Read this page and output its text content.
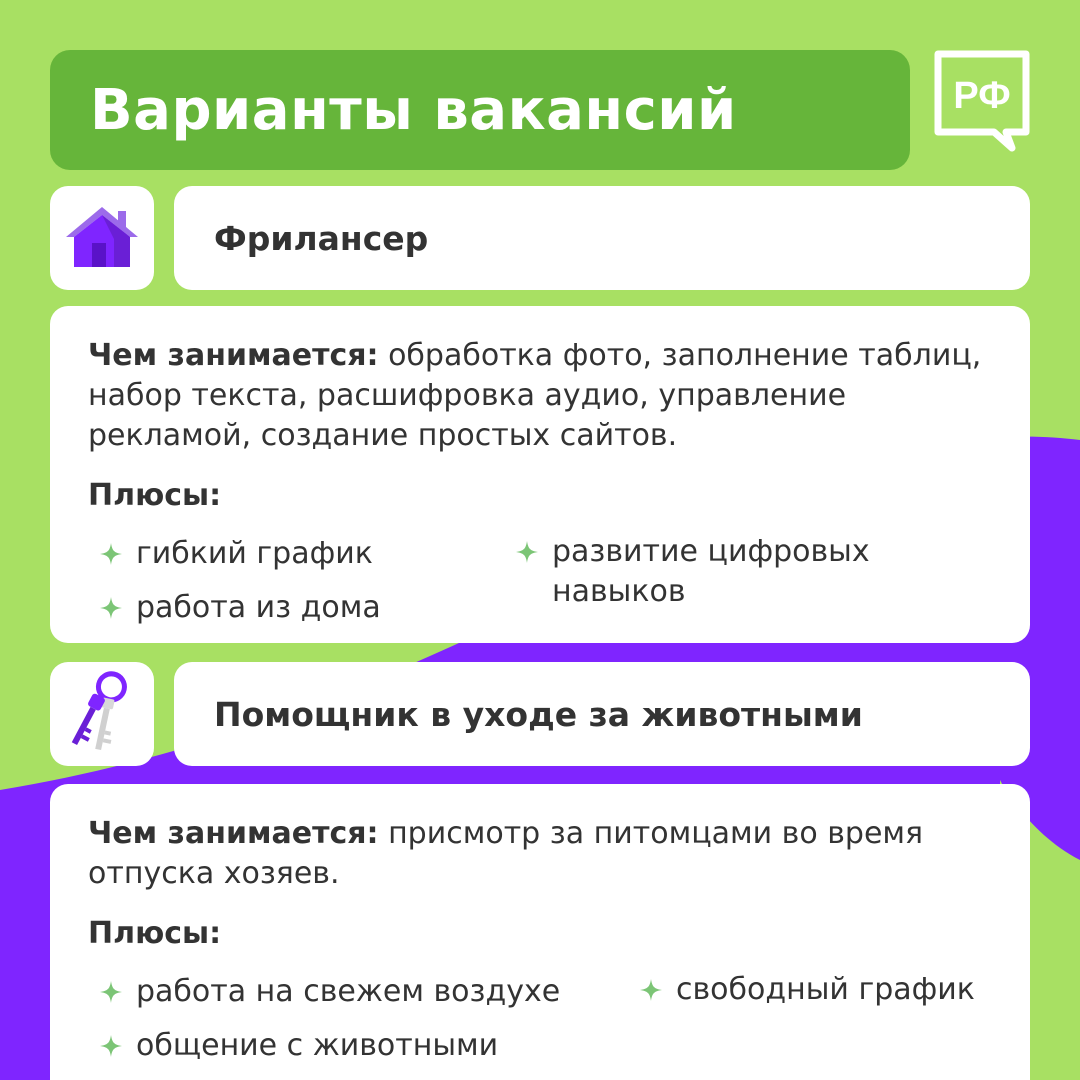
Варианты вакансий	РФ
Фрилансер
Чем занимается: обработка фото, заполнение таблиц, набор текста, расшифровка аудио, управление рекламой, создание простых сайтов.
Плюсы:
гибкий график
работа из дома
развитие цифровых навыков
Помощник в уходе за животными
Чем занимается: присмотр за питомцами во время отпуска хозяев.
Плюсы:
работа на свежем воздухе
общение с животными
свободный график
